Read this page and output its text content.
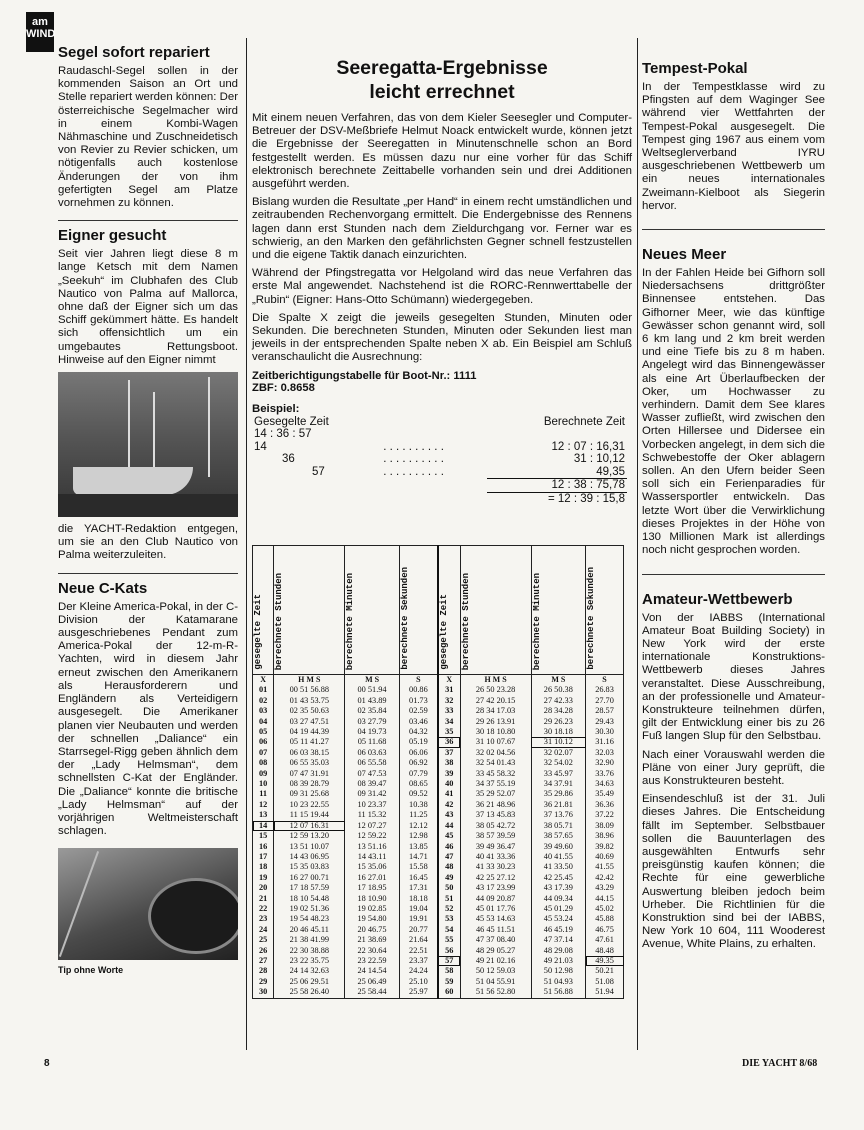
am
WIND
Segel sofort repariert

Raudaschl-Segel sollen in der kommenden Saison an Ort und Stelle repariert werden können: Der österreichische Segelmacher wird in einem Kombi-Wagen Nähmaschine und Zuschneidetisch von Revier zu Revier schicken, um nötigenfalls auch kostenlose Änderungen der von ihm gefertigten Segel am Platze vornehmen zu können.

Eigner gesucht

Seit vier Jahren liegt diese 8 m lange Ketsch mit dem Namen „Seekuh“ im Clubhafen des Club Nautico von Palma auf Mallorca, ohne daß der Eigner sich um das Schiff gekümmert hätte. Es handelt sich offensichtlich um ein umgebautes Rettungsboot. Hinweise auf den Eigner nimmt

die YACHT-Redaktion entgegen, um sie an den Club Nautico von Palma weiterzuleiten.

Neue C-Kats

Der Kleine America-Pokal, in der C-Division der Katamarane ausgeschriebenes Pendant zum America-Pokal der 12-m-R-Yachten, wird in diesem Jahr erneut zwischen den Amerikanern als Herausforderern und Engländern als Verteidigern ausgesegelt. Die Amerikaner planen vier Neubauten und werden der schnellen „Daliance“ ein Starrsegel-Rigg geben ähnlich dem der „Lady Helmsman“, dem schnellsten C-Kat der Engländer. Die „Daliance“ konnte die britische „Lady Helmsman“ auf der vorjährigen Weltmeisterschaft schlagen.

Tip ohne Worte
Seeregatta-Ergebnisse
leicht errechnet

Mit einem neuen Verfahren, das von dem Kieler Seesegler und Computer-Betreuer der DSV-Meßbriefe Helmut Noack entwickelt wurde, können jetzt die Ergebnisse der Seeregatten in Minutenschnelle schon an Bord festgestellt werden. Es müssen dazu nur eine vorher für das Schiff elektronisch berechnete Zeittabelle vorhanden sein und drei Additionen ausgeführt werden.

Bislang wurden die Resultate „per Hand“ in einem recht umständlichen und zeitraubenden Rechenvorgang ermittelt. Die Endergebnisse des Rennens lagen dann erst Stunden nach dem Zieldurchgang vor. Ferner war es schwierig, an den Marken den gefährlichsten Gegner schnell festzustellen und die eigene Taktik danach einzurichten.

Während der Pfingstregatta vor Helgoland wird das neue Verfahren das erste Mal angewendet. Nachstehend ist die RORC-Rennwerttabelle der „Rubin“ (Eigner: Hans-Otto Schümann) wiedergegeben.

Die Spalte X zeigt die jeweils gesegelten Stunden, Minuten oder Sekunden. Die berechneten Stunden, Minuten oder Sekunden liest man jeweils in der entsprechenden Spalte neben X ab. Ein Beispiel am Schluß veranschaulicht die Ausrechnung:

Zeitberichtigungstabelle für Boot-Nr.: 1111
ZBF: 0.8658
Beispiel:
Gesegelte Zeit		Berechnete Zeit
14 : 36 : 57		
14	. . . . . . . . . .	12 : 07 : 16,31
36	. . . . . . . . . .	31 : 10,12
57	. . . . . . . . . .	49,35
		12 : 38 : 75,78
		= 12 : 39 : 15,8
gesegelte Zeit	berechnete Stunden	berechnete Minuten	berechnete Sekunden	gesegelte Zeit	berechnete Stunden	berechnete Minuten	berechnete Sekunden

X	H M S	M S	S	X	H M S	M S	S
01	00 51 56.88	00 51.94	00.86	31	26 50 23.28	26 50.38	26.83
02	01 43 53.75	01 43.89	01.73	32	27 42 20.15	27 42.33	27.70
03	02 35 50.63	02 35.84	02.59	33	28 34 17.03	28 34.28	28.57
04	03 27 47.51	03 27.79	03.46	34	29 26 13.91	29 26.23	29.43
05	04 19 44.39	04 19.73	04.32	35	30 18 10.80	30 18.18	30.30
06	05 11 41.27	05 11.68	05.19	36	31 10 07.67	31 10.12	31.16
07	06 03 38.15	06 03.63	06.06	37	32 02 04.56	32 02.07	32.03
08	06 55 35.03	06 55.58	06.92	38	32 54 01.43	32 54.02	32.90
09	07 47 31.91	07 47.53	07.79	39	33 45 58.32	33 45.97	33.76
10	08 39 28.79	08 39.47	08.65	40	34 37 55.19	34 37.91	34.63
11	09 31 25.68	09 31.42	09.52	41	35 29 52.07	35 29.86	35.49
12	10 23 22.55	10 23.37	10.38	42	36 21 48.96	36 21.81	36.36
13	11 15 19.44	11 15.32	11.25	43	37 13 45.83	37 13.76	37.22
14	12 07 16.31	12 07.27	12.12	44	38 05 42.72	38 05.71	38.09
15	12 59 13.20	12 59.22	12.98	45	38 57 39.59	38 57.65	38.96
16	13 51 10.07	13 51.16	13.85	46	39 49 36.47	39 49.60	39.82
17	14 43 06.95	14 43.11	14.71	47	40 41 33.36	40 41.55	40.69
18	15 35 03.83	15 35.06	15.58	48	41 33 30.23	41 33.50	41.55
19	16 27 00.71	16 27.01	16.45	49	42 25 27.12	42 25.45	42.42
20	17 18 57.59	17 18.95	17.31	50	43 17 23.99	43 17.39	43.29
21	18 10 54.48	18 10.90	18.18	51	44 09 20.87	44 09.34	44.15
22	19 02 51.36	19 02.85	19.04	52	45 01 17.76	45 01.29	45.02
23	19 54 48.23	19 54.80	19.91	53	45 53 14.63	45 53.24	45.88
24	20 46 45.11	20 46.75	20.77	54	46 45 11.51	46 45.19	46.75
25	21 38 41.99	21 38.69	21.64	55	47 37 08.40	47 37.14	47.61
26	22 30 38.88	22 30.64	22.51	56	48 29 05.27	48 29.08	48.48
27	23 22 35.75	23 22.59	23.37	57	49 21 02.16	49 21.03	49.35
28	24 14 32.63	24 14.54	24.24	58	50 12 59.03	50 12.98	50.21
29	25 06 29.51	25 06.49	25.10	59	51 04 55.91	51 04.93	51.08
30	25 58 26.40	25 58.44	25.97	60	51 56 52.80	51 56.88	51.94
Tempest-Pokal

In der Tempestklasse wird zu Pfingsten auf dem Waginger See während vier Wettfahrten der Tempest-Pokal ausgesegelt. Die Tempest ging 1967 aus einem vom Weltseglerverband IYRU ausgeschriebenen Wettbewerb um ein neues internationales Zweimann-Kielboot als Siegerin hervor.

Neues Meer

In der Fahlen Heide bei Gifhorn soll Niedersachsens drittgrößter Binnensee entstehen. Das Gifhorner Meer, wie das künftige Gewässer schon genannt wird, soll 6 km lang und 2 km breit werden und eine Tiefe bis zu 8 m haben. Angelegt wird das Binnengewässer als eine Art Überlaufbecken der Oker, um Hochwasser zu verhindern. Damit dem See klares Wasser zufließt, wird zwischen den Orten Hillersee und Didersee ein Vorbecken angelegt, in dem sich die Schwebestoffe der Oker ablagern sollen. An den Ufern beider Seen soll sich ein Ferienparadies für Wassersportler entwickeln. Das letzte Wort über die Verwirklichung dieses Projektes in der Höhe von 130 Millionen Mark ist allerdings noch nicht gesprochen worden.

Amateur-Wettbewerb

Von der IABBS (International Amateur Boat Building Society) in New York wird der erste internationale Konstruktions-Wettbewerb dieses Jahres veranstaltet. Diese Ausschreibung, an der professionelle und Amateur-Konstrukteure teilnehmen dürfen, gilt der Entwicklung einer bis zu 26 Fuß langen Slup für den Selbstbau.

Nach einer Vorauswahl werden die Pläne von einer Jury geprüft, die aus Konstrukteuren besteht.

Einsendeschluß ist der 31. Juli dieses Jahres. Die Entscheidung fällt im September. Selbstbauer sollen die Bauunterlagen des ausgewählten Entwurfs sehr preisgünstig kaufen können; die Rechte für eine gewerbliche Auswertung bleiben jedoch beim Urheber. Die Richtlinien für die Konstruktion sind bei der IABBS, New York 10 604, 111 Wooderest Avenue, White Plains, zu erhalten.

8	DIE YACHT 8/68
